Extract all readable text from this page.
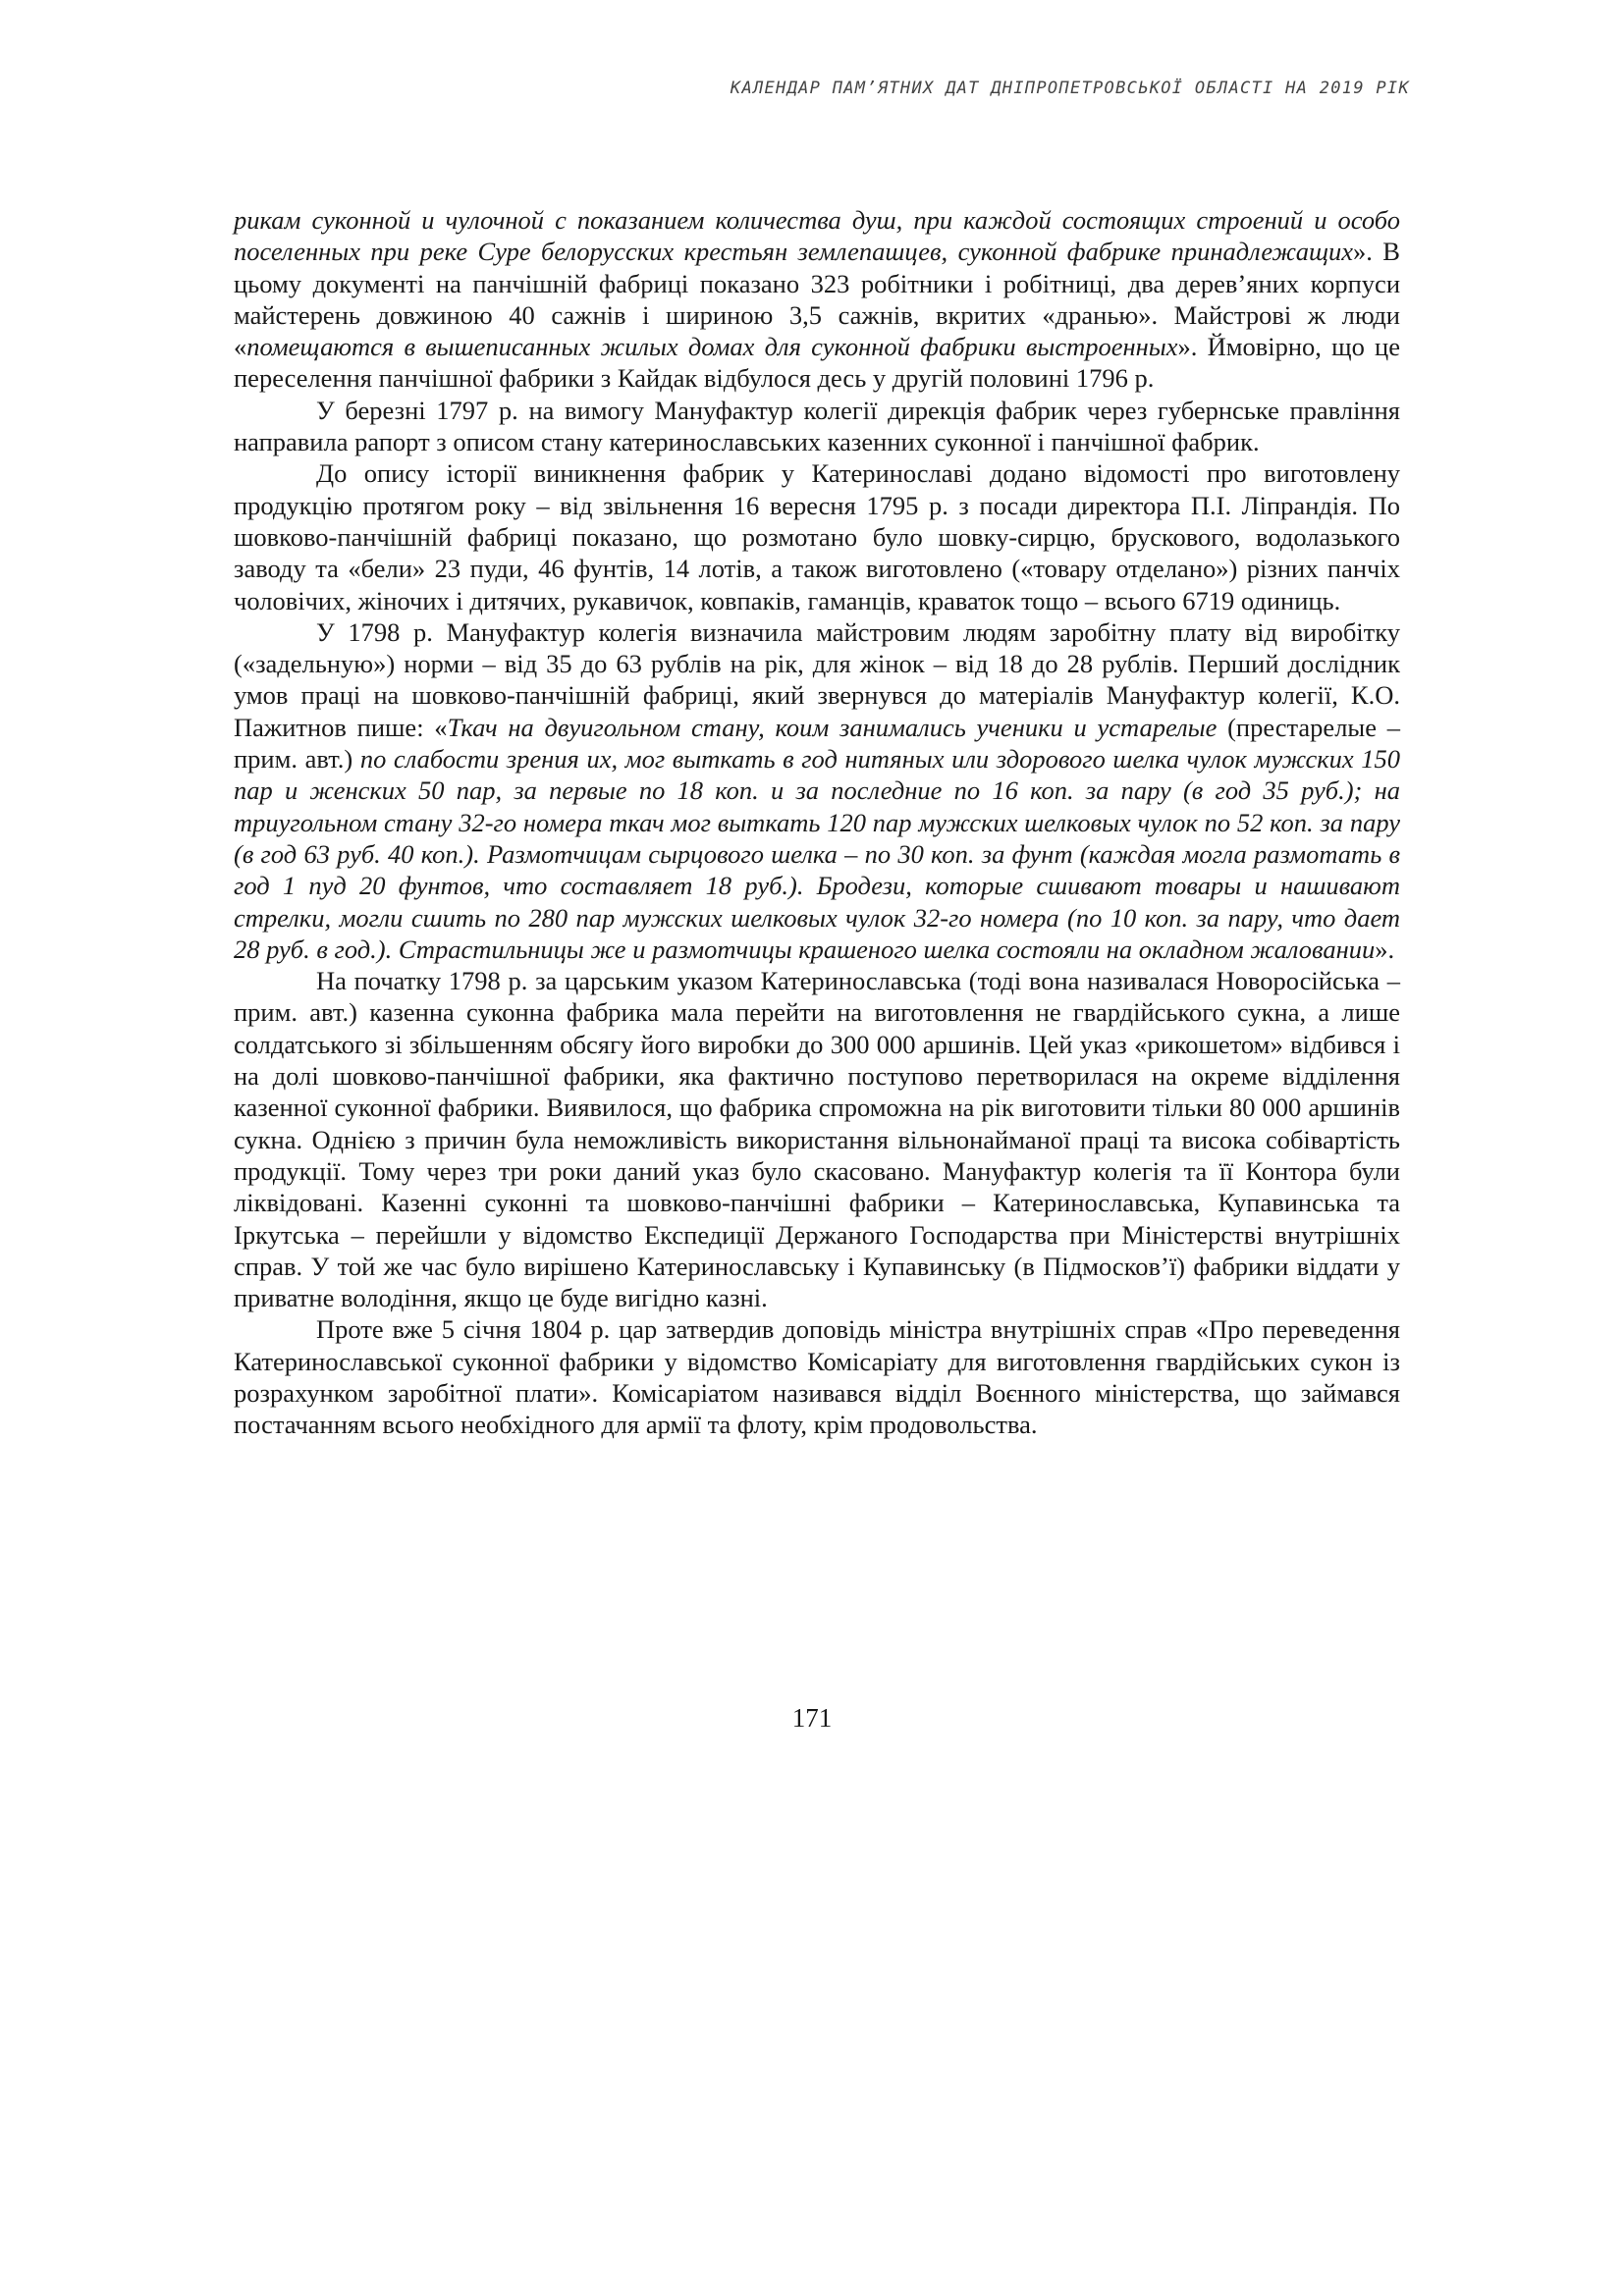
КАЛЕНДАР ПАМ’ЯТНИХ ДАТ ДНІПРОПЕТРОВСЬКОЇ ОБЛАСТІ НА 2019 РІК

рикам суконной и чулочной с показанием количества душ, при каждой состоящих строений и особо поселенных при реке Суре белорусских крестьян землепашцев, суконной фабрике принадлежащих». В цьому документі на панчішній фабриці показано 323 робітники і робітниці, два дерев’яних корпуси майстерень довжиною 40 сажнів і шириною 3,5 сажнів, вкритих «дранью». Майстрові ж люди «помещаются в вышеписанных жилых домах для суконной фабрики выстроенных». Ймовірно, що це переселення панчішної фабрики з Кайдак відбулося десь у другій половині 1796 р.

У березні 1797 р. на вимогу Мануфактур колегії дирекція фабрик через губернське правління направила рапорт з описом стану катеринославських казенних суконної і панчішної фабрик.

До опису історії виникнення фабрик у Катеринославі додано відомості про виготовлену продукцію протягом року – від звільнення 16 вересня 1795 р. з посади директора П.І. Ліпрандія. По шовково-панчішній фабриці показано, що розмотано було шовку-сирцю, брускового, водолазького заводу та «бели» 23 пуди, 46 фунтів, 14 лотів, а також виготовлено («товару отделано») різних панчіх чоловічих, жіночих і дитячих, рукавичок, ковпаків, гаманців, краваток тощо – всього 6719 одиниць.

У 1798 р. Мануфактур колегія визначила майстровим людям заробітну плату від виробітку («задельную») норми – від 35 до 63 рублів на рік, для жінок – від 18 до 28 рублів. Перший дослідник умов праці на шовково-панчішній фабриці, який звернувся до матеріалів Мануфактур колегії, К.О. Пажитнов пише: «Ткач на двуигольном стану, коим занимались ученики и устарелые (престарелые – прим. авт.) по слабости зрения их, мог выткать в год нитяных или здорового шелка чулок мужских 150 пар и женских 50 пар, за первые по 18 коп. и за последние по 16 коп. за пару (в год 35 руб.); на триугольном стану 32-го номера ткач мог выткать 120 пар мужских шелковых чулок по 52 коп. за пару (в год 63 руб. 40 коп.). Размотчицам сырцового шелка – по 30 коп. за фунт (каждая могла размотать в год 1 пуд 20 фунтов, что составляет 18 руб.). Бродези, которые сшивают товары и нашивают стрелки, могли сшить по 280 пар мужских шелковых чулок 32-го номера (по 10 коп. за пару, что дает 28 руб. в год.). Страстильницы же и размотчицы крашеного шелка состояли на окладном жаловании».

На початку 1798 р. за царським указом Катеринославська (тоді вона називалася Новоросійська – прим. авт.) казенна суконна фабрика мала перейти на виготовлення не гвардійського сукна, а лише солдатського зі збільшенням обсягу його виробки до 300 000 аршинів. Цей указ «рикошетом» відбився і на долі шовково-панчішної фабрики, яка фактично поступово перетворилася на окреме відділення казенної суконної фабрики. Виявилося, що фабрика спроможна на рік виготовити тільки 80 000 аршинів сукна. Однією з причин була неможливість використання вільнонайманої праці та висока собівартість продукції. Тому через три роки даний указ було скасовано. Мануфактур колегія та її Контора були ліквідовані. Казенні суконні та шовково-панчішні фабрики – Катеринославська, Купавинська та Іркутська – перейшли у відомство Експедиції Держаного Господарства при Міністерстві внутрішніх справ. У той же час було вирішено Катеринославську і Купавинську (в Підмосков’ї) фабрики віддати у приватне володіння, якщо це буде вигідно казні.

Проте вже 5 січня 1804 р. цар затвердив доповідь міністра внутрішніх справ «Про переведення Катеринославської суконної фабрики у відомство Комісаріату для виготовлення гвардійських сукон із розрахунком заробітної плати». Комісаріатом називався відділ Воєнного міністерства, що займався постачанням всього необхідного для армії та флоту, крім продовольства.

171
